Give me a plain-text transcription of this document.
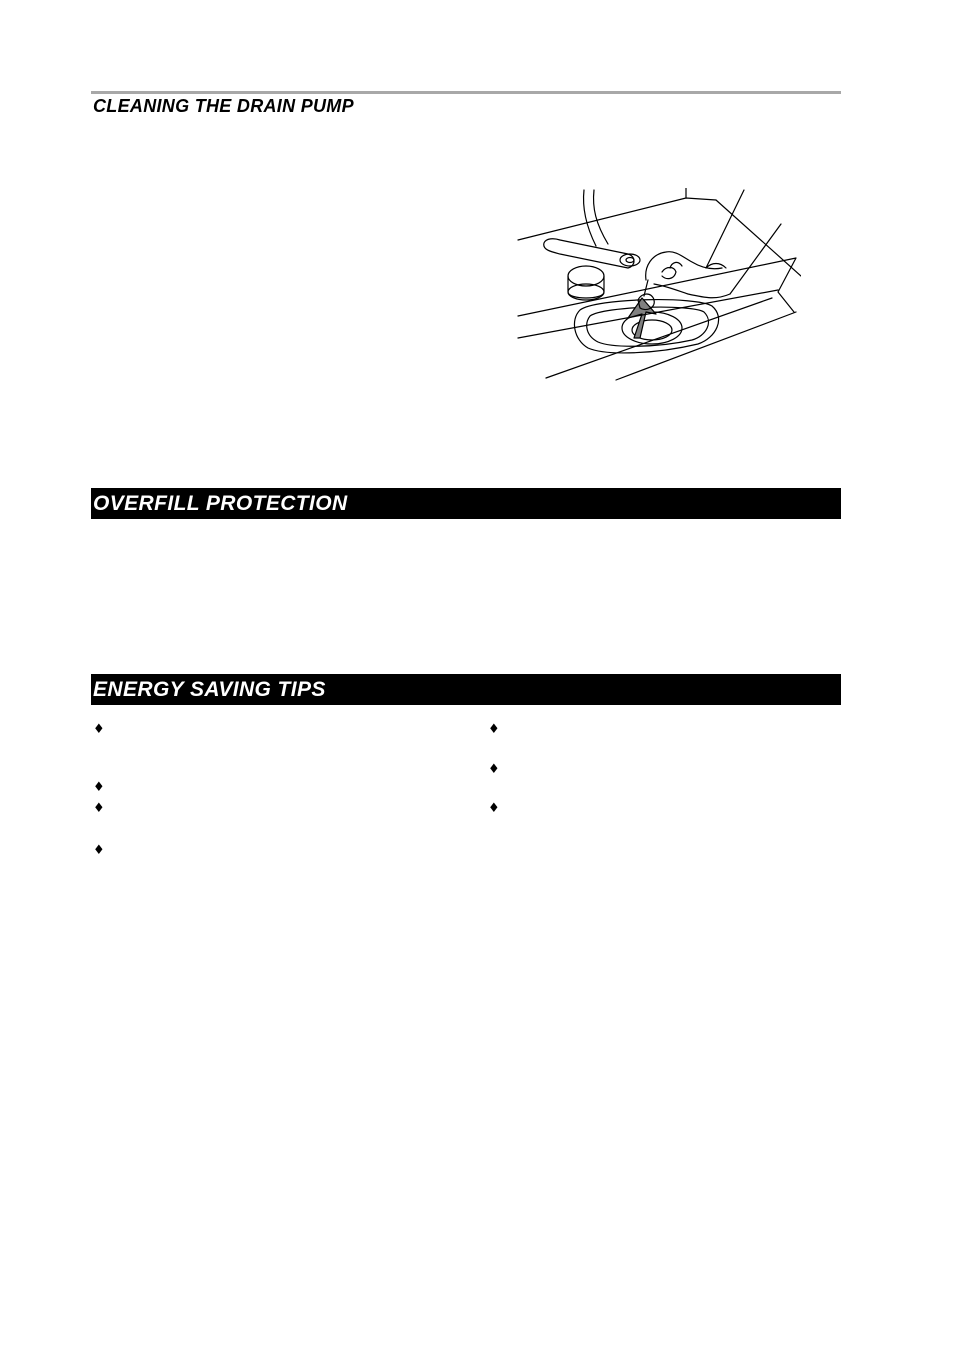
CLEANING THE DRAIN PUMP
OVERFILL PROTECTION
ENERGY SAVING TIPS
♦
♦
♦
♦
♦
♦
♦
